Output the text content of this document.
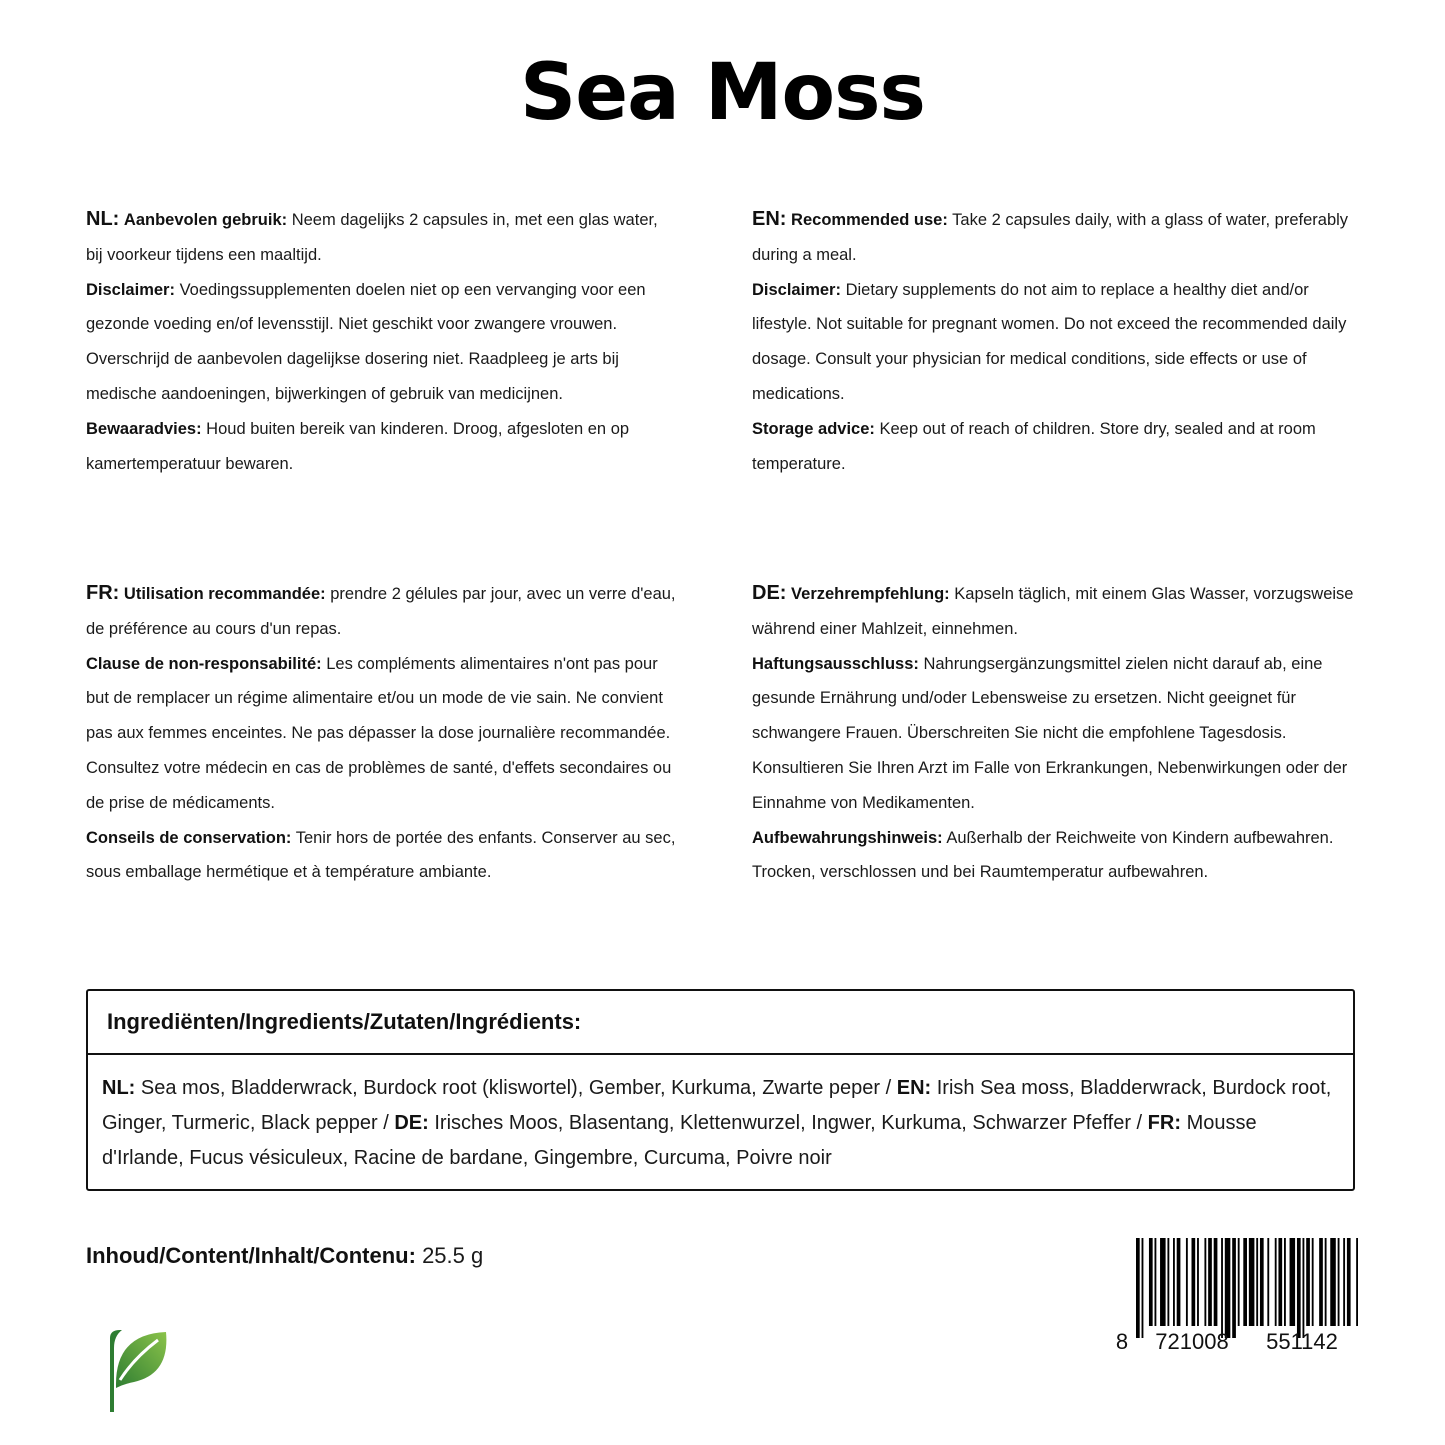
Sea Moss

NL: Aanbevolen gebruik: Neem dagelijks 2 capsules in, met een glas water, bij voorkeur tijdens een maaltijd.

Disclaimer: Voedingssupplementen doelen niet op een vervanging voor een gezonde voeding en/of levensstijl. Niet geschikt voor zwangere vrouwen. Overschrijd de aanbevolen dagelijkse dosering niet. Raadpleeg je arts bij medische aandoeningen, bijwerkingen of gebruik van medicijnen.

Bewaaradvies: Houd buiten bereik van kinderen. Droog, afgesloten en op kamertemperatuur bewaren.

EN: Recommended use: Take 2 capsules daily, with a glass of water, preferably during a meal.

Disclaimer: Dietary supplements do not aim to replace a healthy diet and/or lifestyle. Not suitable for pregnant women. Do not exceed the recommended daily dosage. Consult your physician for medical conditions, side effects or use of medications.

Storage advice: Keep out of reach of children. Store dry, sealed and at room temperature.

FR: Utilisation recommandée: prendre 2 gélules par jour, avec un verre d'eau, de préférence au cours d'un repas.

Clause de non-responsabilité: Les compléments alimentaires n'ont pas pour but de remplacer un régime alimentaire et/ou un mode de vie sain. Ne convient pas aux femmes enceintes. Ne pas dépasser la dose journalière recommandée. Consultez votre médecin en cas de problèmes de santé, d'effets secondaires ou de prise de médicaments.

Conseils de conservation: Tenir hors de portée des enfants. Conserver au sec, sous emballage hermétique et à température ambiante.

DE: Verzehrempfehlung: Kapseln täglich, mit einem Glas Wasser, vorzugsweise während einer Mahlzeit, einnehmen.

Haftungsausschluss: Nahrungsergänzungsmittel zielen nicht darauf ab, eine gesunde Ernährung und/oder Lebensweise zu ersetzen. Nicht geeignet für schwangere Frauen. Überschreiten Sie nicht die empfohlene Tagesdosis. Konsultieren Sie Ihren Arzt im Falle von Erkrankungen, Nebenwirkungen oder der Einnahme von Medikamenten.

Aufbewahrungshinweis: Außerhalb der Reichweite von Kindern aufbewahren. Trocken, verschlossen und bei Raumtemperatur aufbewahren.

Ingrediënten/Ingredients/Zutaten/Ingrédients:
NL: Sea mos, Bladderwrack, Burdock root (kliswortel), Gember, Kurkuma, Zwarte peper / EN: Irish Sea moss, Bladderwrack, Burdock root, Ginger, Turmeric, Black pepper / DE: Irisches Moos, Blasentang, Klettenwurzel, Ingwer, Kurkuma, Schwarzer Pfeffer / FR: Mousse d'Irlande, Fucus vésiculeux, Racine de bardane, Gingembre, Curcuma, Poivre noir
Inhoud/Content/Inhalt/Contenu: 25.5 g
8 721008 551142
